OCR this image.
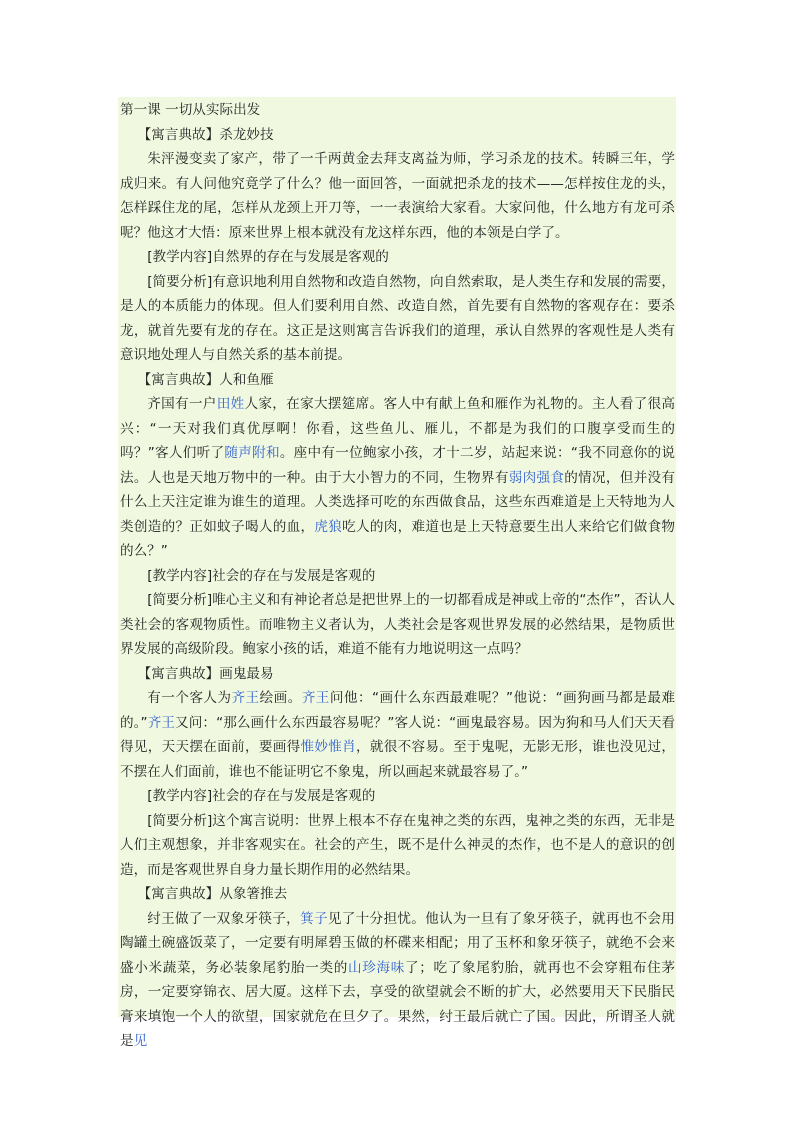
第一课 一切从实际出发

【寓言典故】杀龙妙技

朱泙漫变卖了家产，带了一千两黄金去拜支离益为师，学习杀龙的技术。转瞬三年，学成归来。有人问他究竟学了什么？他一面回答，一面就把杀龙的技术——怎样按住龙的头，怎样踩住龙的尾，怎样从龙颈上开刀等，一一表演给大家看。大家问他，什么地方有龙可杀呢？他这才大悟：原来世界上根本就没有龙这样东西，他的本领是白学了。

[教学内容]自然界的存在与发展是客观的

[简要分析]有意识地利用自然物和改造自然物，向自然索取，是人类生存和发展的需要，是人的本质能力的体现。但人们要利用自然、改造自然，首先要有自然物的客观存在：要杀龙，就首先要有龙的存在。这正是这则寓言告诉我们的道理，承认自然界的客观性是人类有意识地处理人与自然关系的基本前提。

【寓言典故】人和鱼雁

齐国有一户田姓人家，在家大摆筵席。客人中有献上鱼和雁作为礼物的。主人看了很高兴：“一天对我们真优厚啊！你看，这些鱼儿、雁儿，不都是为我们的口腹享受而生的吗？”客人们听了随声附和。座中有一位鲍家小孩，才十二岁，站起来说：“我不同意你的说法。人也是天地万物中的一种。由于大小智力的不同，生物界有弱肉强食的情况，但并没有什么上天注定谁为谁生的道理。人类选择可吃的东西做食品，这些东西难道是上天特地为人类创造的？正如蚊子喝人的血，虎狼吃人的肉，难道也是上天特意要生出人来给它们做食物的么？”

[教学内容]社会的存在与发展是客观的

[简要分析]唯心主义和有神论者总是把世界上的一切都看成是神或上帝的“杰作”，否认人类社会的客观物质性。而唯物主义者认为，人类社会是客观世界发展的必然结果，是物质世界发展的高级阶段。鲍家小孩的话，难道不能有力地说明这一点吗？

【寓言典故】画鬼最易

有一个客人为齐王绘画。齐王问他：“画什么东西最难呢？”他说：“画狗画马都是最难的。”齐王又问：“那么画什么东西最容易呢？”客人说：“画鬼最容易。因为狗和马人们天天看得见，天天摆在面前，要画得惟妙惟肖，就很不容易。至于鬼呢，无影无形，谁也没见过，不摆在人们面前，谁也不能证明它不象鬼，所以画起来就最容易了。”

[教学内容]社会的存在与发展是客观的

[简要分析]这个寓言说明：世界上根本不存在鬼神之类的东西，鬼神之类的东西，无非是人们主观想象，并非客观实在。社会的产生，既不是什么神灵的杰作，也不是人的意识的创造，而是客观世界自身力量长期作用的必然结果。

【寓言典故】从象箸推去

纣王做了一双象牙筷子，箕子见了十分担忧。他认为一旦有了象牙筷子，就再也不会用陶罐土碗盛饭菜了，一定要有明犀碧玉做的杯碟来相配；用了玉杯和象牙筷子，就绝不会来盛小米蔬菜，务必装象尾豹胎一类的山珍海味了；吃了象尾豹胎，就再也不会穿粗布住茅房，一定要穿锦衣、居大厦。这样下去，享受的欲望就会不断的扩大，必然要用天下民脂民膏来填饱一个人的欲望，国家就危在旦夕了。果然，纣王最后就亡了国。因此，所谓圣人就是见
